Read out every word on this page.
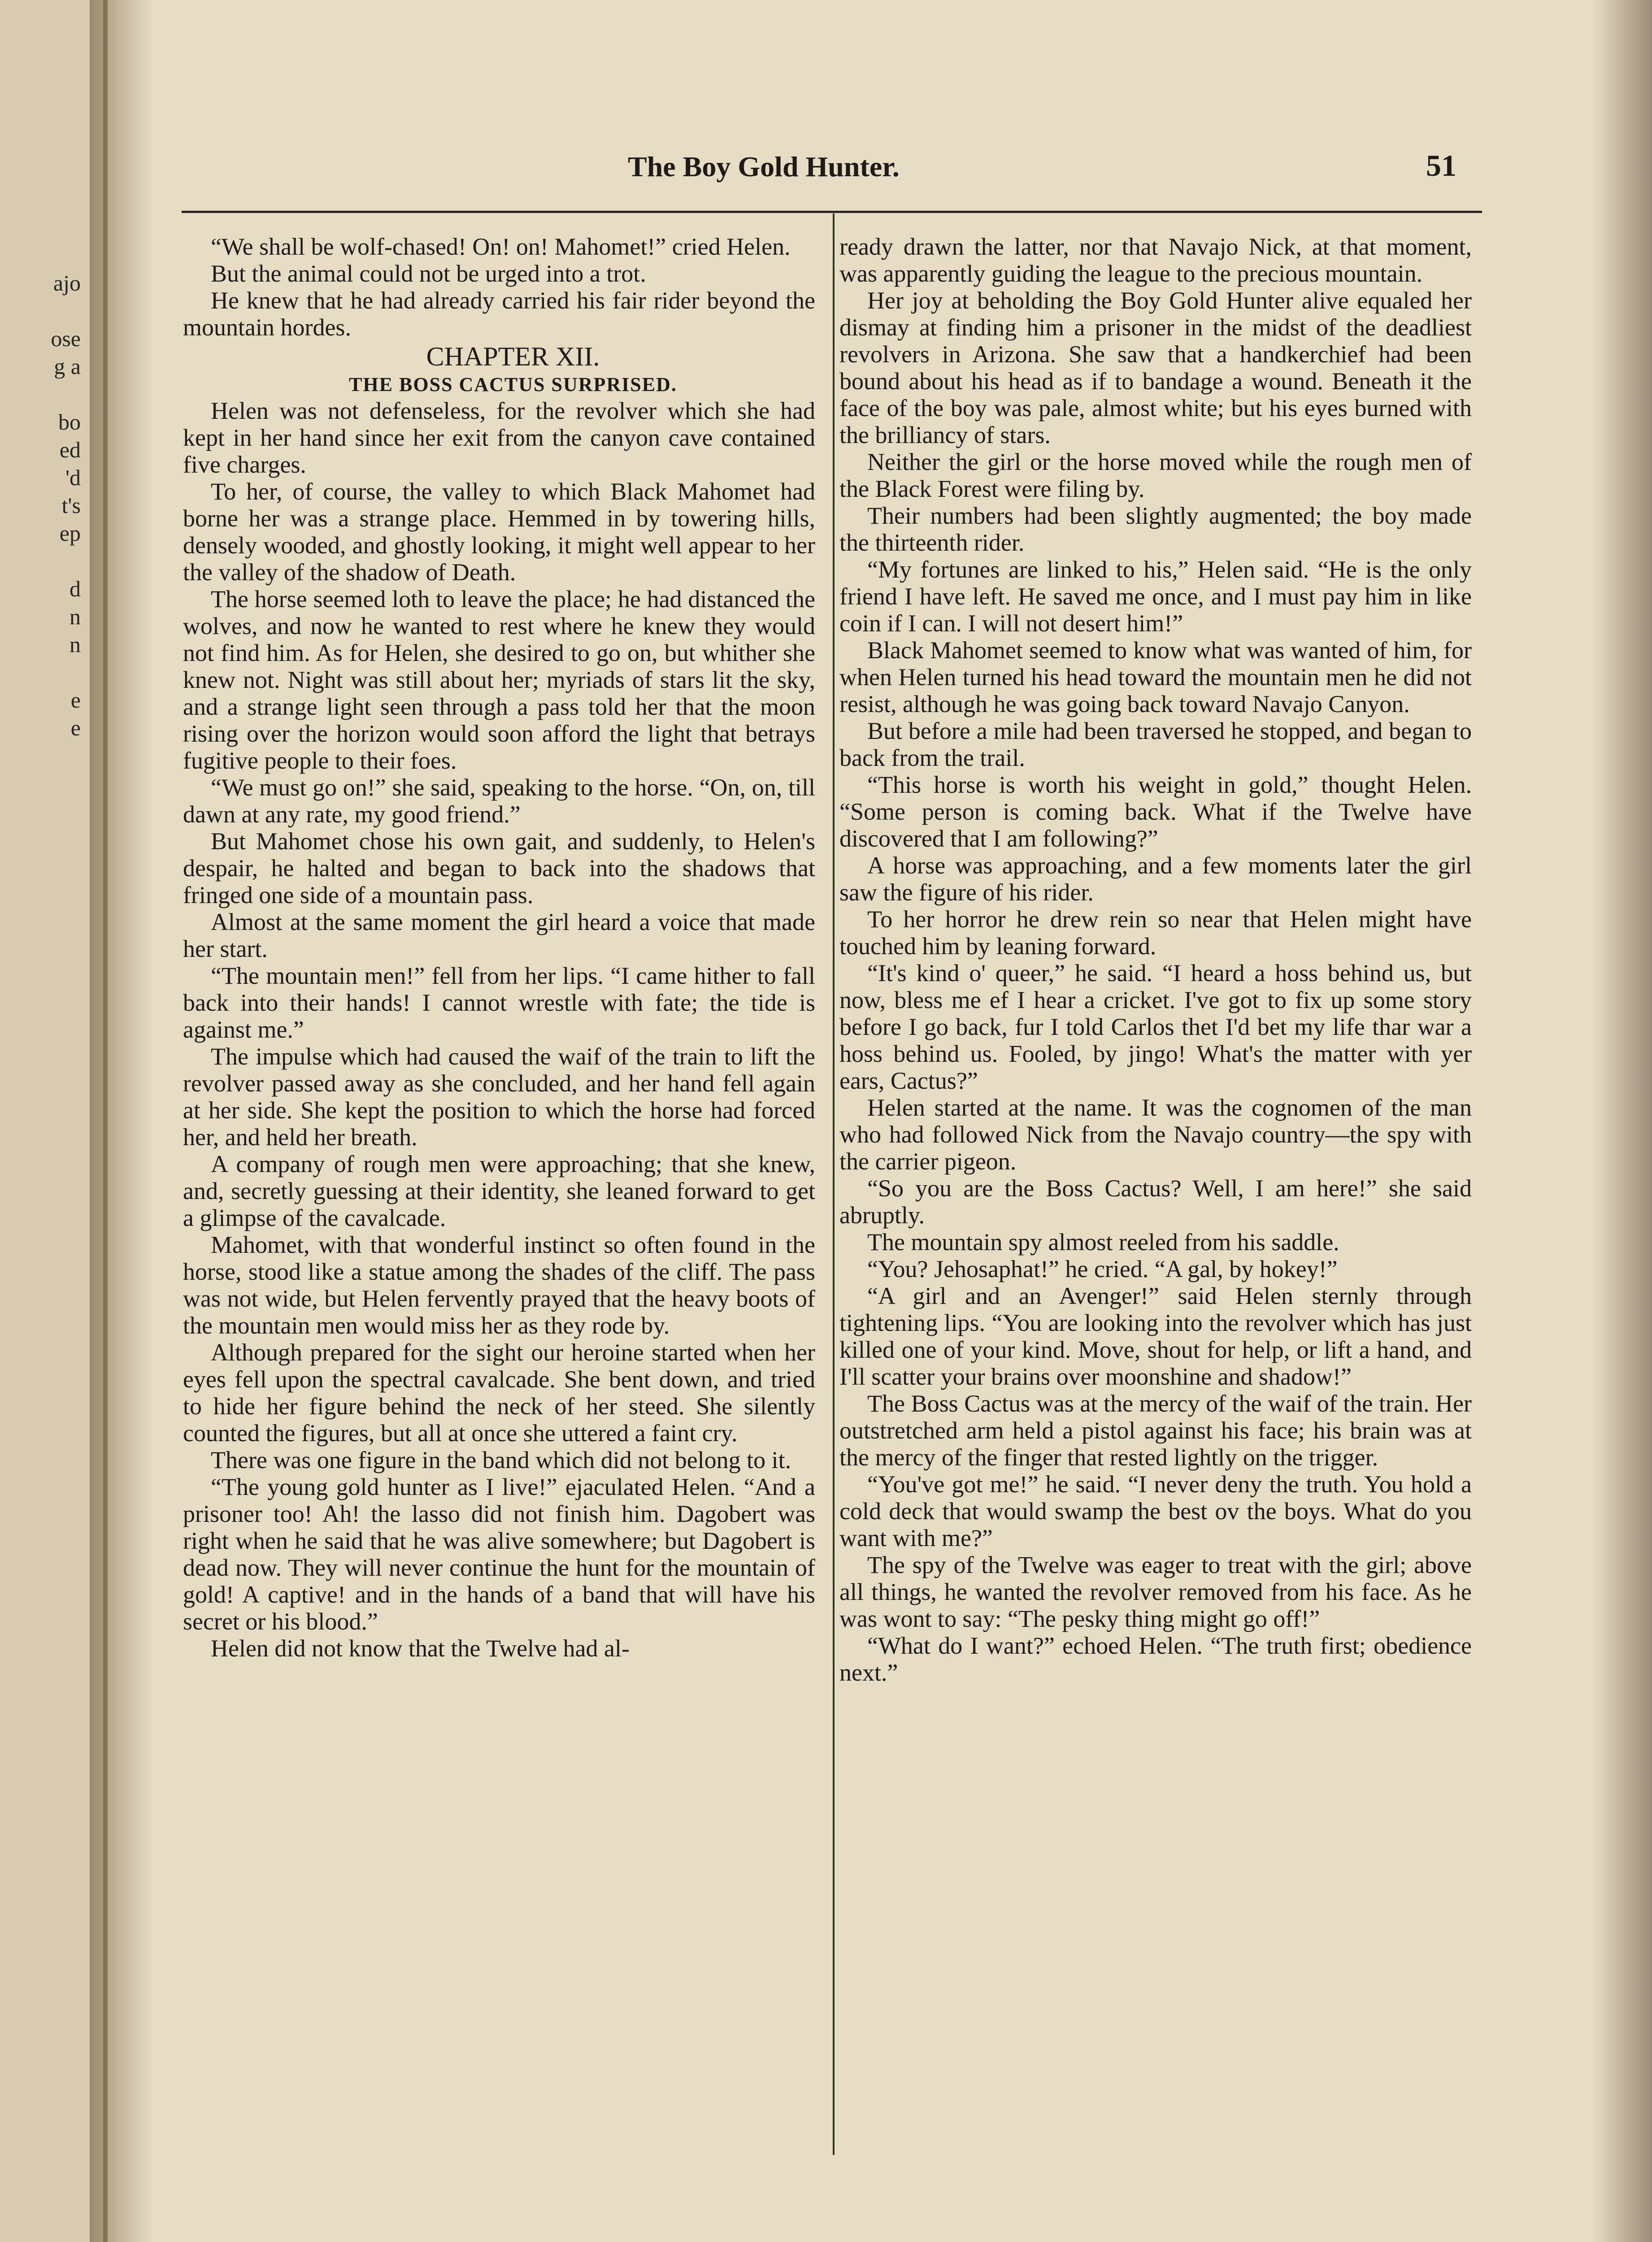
ajo
ose
g a
bo
ed
'd
t's
ep
d
n
n
e
e
The Boy Gold Hunter.	51

“We shall be wolf-chased! On! on! Mahomet!” cried Helen.

But the animal could not be urged into a trot.

He knew that he had already carried his fair rider beyond the mountain hordes.

CHAPTER XII.

THE BOSS CACTUS SURPRISED.

Helen was not defenseless, for the revolver which she had kept in her hand since her exit from the canyon cave contained five charges.

To her, of course, the valley to which Black Mahomet had borne her was a strange place. Hemmed in by towering hills, densely wooded, and ghostly looking, it might well appear to her the valley of the shadow of Death.

The horse seemed loth to leave the place; he had distanced the wolves, and now he wanted to rest where he knew they would not find him. As for Helen, she desired to go on, but whither she knew not. Night was still about her; myriads of stars lit the sky, and a strange light seen through a pass told her that the moon rising over the horizon would soon afford the light that betrays fugitive people to their foes.

“We must go on!” she said, speaking to the horse. “On, on, till dawn at any rate, my good friend.”

But Mahomet chose his own gait, and suddenly, to Helen's despair, he halted and began to back into the shadows that fringed one side of a mountain pass.

Almost at the same moment the girl heard a voice that made her start.

“The mountain men!” fell from her lips. “I came hither to fall back into their hands! I cannot wrestle with fate; the tide is against me.”

The impulse which had caused the waif of the train to lift the revolver passed away as she concluded, and her hand fell again at her side. She kept the position to which the horse had forced her, and held her breath.

A company of rough men were approaching; that she knew, and, secretly guessing at their identity, she leaned forward to get a glimpse of the cavalcade.

Mahomet, with that wonderful instinct so often found in the horse, stood like a statue among the shades of the cliff. The pass was not wide, but Helen fervently prayed that the heavy boots of the mountain men would miss her as they rode by.

Although prepared for the sight our heroine started when her eyes fell upon the spectral cavalcade. She bent down, and tried to hide her figure behind the neck of her steed. She silently counted the figures, but all at once she uttered a faint cry.

There was one figure in the band which did not belong to it.

“The young gold hunter as I live!” ejaculated Helen. “And a prisoner too! Ah! the lasso did not finish him. Dagobert was right when he said that he was alive somewhere; but Dagobert is dead now. They will never continue the hunt for the mountain of gold! A captive! and in the hands of a band that will have his secret or his blood.”

Helen did not know that the Twelve had al-

ready drawn the latter, nor that Navajo Nick, at that moment, was apparently guiding the league to the precious mountain.

Her joy at beholding the Boy Gold Hunter alive equaled her dismay at finding him a prisoner in the midst of the deadliest revolvers in Arizona. She saw that a handkerchief had been bound about his head as if to bandage a wound. Beneath it the face of the boy was pale, almost white; but his eyes burned with the brilliancy of stars.

Neither the girl or the horse moved while the rough men of the Black Forest were filing by.

Their numbers had been slightly augmented; the boy made the thirteenth rider.

“My fortunes are linked to his,” Helen said. “He is the only friend I have left. He saved me once, and I must pay him in like coin if I can. I will not desert him!”

Black Mahomet seemed to know what was wanted of him, for when Helen turned his head toward the mountain men he did not resist, although he was going back toward Navajo Canyon.

But before a mile had been traversed he stopped, and began to back from the trail.

“This horse is worth his weight in gold,” thought Helen. “Some person is coming back. What if the Twelve have discovered that I am following?”

A horse was approaching, and a few moments later the girl saw the figure of his rider.

To her horror he drew rein so near that Helen might have touched him by leaning forward.

“It's kind o' queer,” he said. “I heard a hoss behind us, but now, bless me ef I hear a cricket. I've got to fix up some story before I go back, fur I told Carlos thet I'd bet my life thar war a hoss behind us. Fooled, by jingo! What's the matter with yer ears, Cactus?”

Helen started at the name. It was the cognomen of the man who had followed Nick from the Navajo country—the spy with the carrier pigeon.

“So you are the Boss Cactus? Well, I am here!” she said abruptly.

The mountain spy almost reeled from his saddle.

“You? Jehosaphat!” he cried. “A gal, by hokey!”

“A girl and an Avenger!” said Helen sternly through tightening lips. “You are looking into the revolver which has just killed one of your kind. Move, shout for help, or lift a hand, and I'll scatter your brains over moonshine and shadow!”

The Boss Cactus was at the mercy of the waif of the train. Her outstretched arm held a pistol against his face; his brain was at the mercy of the finger that rested lightly on the trigger.

“You've got me!” he said. “I never deny the truth. You hold a cold deck that would swamp the best ov the boys. What do you want with me?”

The spy of the Twelve was eager to treat with the girl; above all things, he wanted the revolver removed from his face. As he was wont to say: “The pesky thing might go off!”

“What do I want?” echoed Helen. “The truth first; obedience next.”
